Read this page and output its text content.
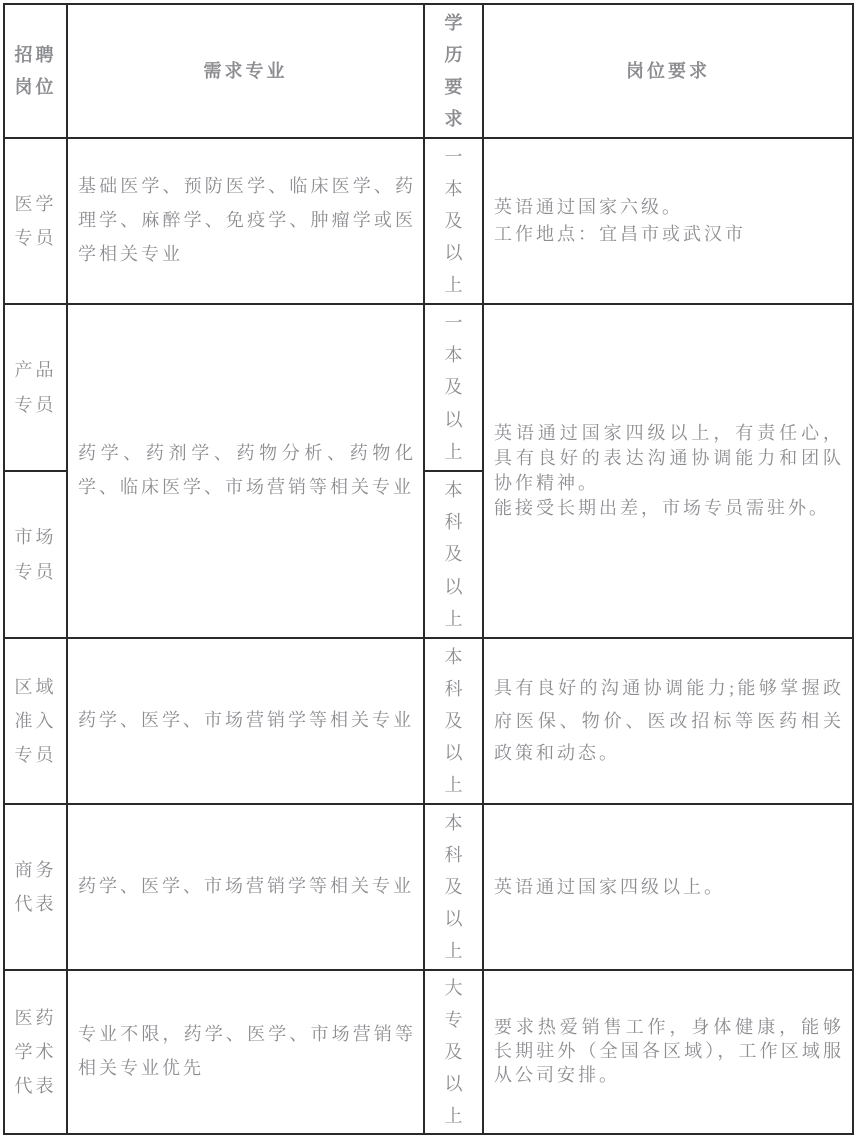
招聘岗位	需求专业	学历要求	岗位要求
医学专员	基础医学、预防医学、临床医学、药理学、麻醉学、免疫学、肿瘤学或医学相关专业	一本及以上	英语通过国家六级。

工作地点：宜昌市或武汉市

产品专员	药学、药剂学、药物分析、药物化学、临床医学、市场营销等相关专业	一本及以上	英语通过国家四级以上，有责任心，具有良好的表达沟通协调能力和团队协作精神。

能接受长期出差，市场专员需驻外。

市场专员		本科及以上	

区域准入专员	药学、医学、市场营销学等相关专业	本科及以上	具有良好的沟通协调能力;能够掌握政府医保、物价、医改招标等医药相关政策和动态。

商务代表	药学、医学、市场营销学等相关专业	本科及以上	英语通过国家四级以上。

医药学术代表	专业不限，药学、医学、市场营销等相关专业优先	大专及以上	要求热爱销售工作，身体健康，能够长期驻外（全国各区域），工作区域服从公司安排。
